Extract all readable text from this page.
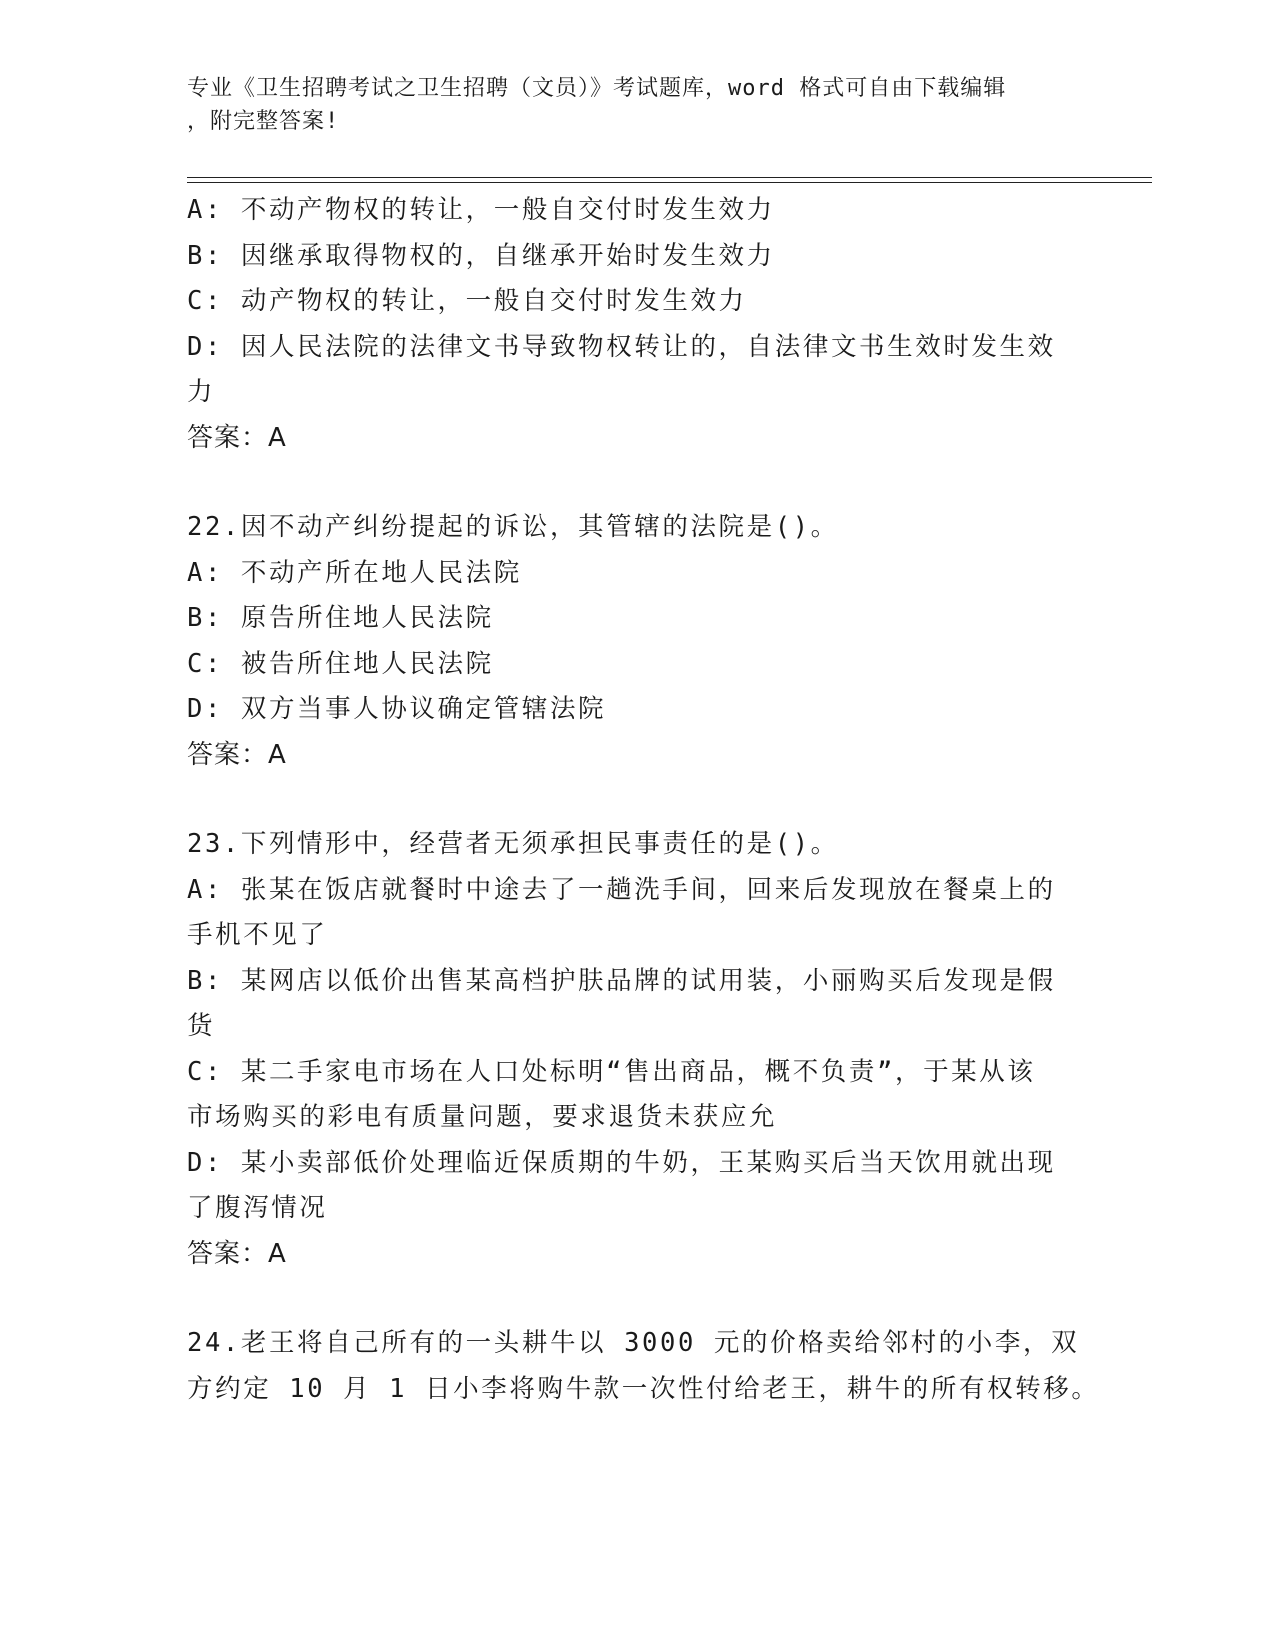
专业《卫生招聘考试之卫生招聘（文员）》考试题库，word 格式可自由下载编辑
，附完整答案!
A: 不动产物权的转让，一般自交付时发生效力
B: 因继承取得物权的，自继承开始时发生效力
C: 动产物权的转让，一般自交付时发生效力
D: 因人民法院的法律文书导致物权转让的，自法律文书生效时发生效
力
答案：A
22.因不动产纠纷提起的诉讼，其管辖的法院是()。
A: 不动产所在地人民法院
B: 原告所住地人民法院
C: 被告所住地人民法院
D: 双方当事人协议确定管辖法院
答案：A
23.下列情形中，经营者无须承担民事责任的是()。
A: 张某在饭店就餐时中途去了一趟洗手间，回来后发现放在餐桌上的
手机不见了
B: 某网店以低价出售某高档护肤品牌的试用装，小丽购买后发现是假
货
C: 某二手家电市场在人口处标明“售出商品，概不负责”，于某从该
市场购买的彩电有质量问题，要求退货未获应允
D: 某小卖部低价处理临近保质期的牛奶，王某购买后当天饮用就出现
了腹泻情况
答案：A
24.老王将自己所有的一头耕牛以 3000 元的价格卖给邻村的小李，双
方约定 10 月 1 日小李将购牛款一次性付给老王，耕牛的所有权转移。
